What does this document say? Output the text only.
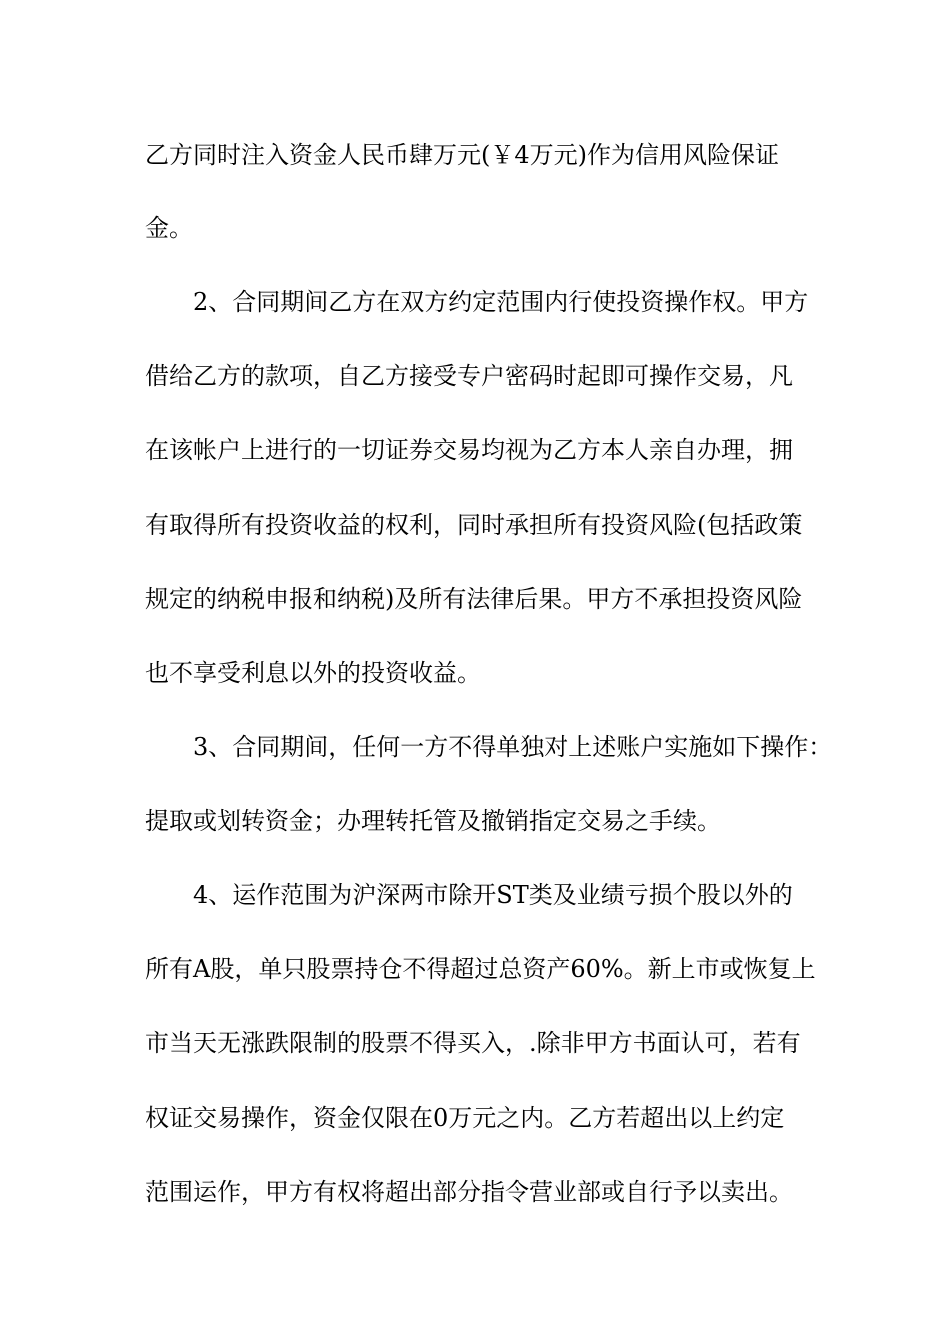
乙方同时注入资金人民币肆万元(￥4万元)作为信用风险保证
金。
2、合同期间乙方在双方约定范围内行使投资操作权。甲方
借给乙方的款项，自乙方接受专户密码时起即可操作交易，凡
在该帐户上进行的一切证券交易均视为乙方本人亲自办理，拥
有取得所有投资收益的权利，同时承担所有投资风险(包括政策
规定的纳税申报和纳税)及所有法律后果。甲方不承担投资风险
也不享受利息以外的投资收益。
3、合同期间，任何一方不得单独对上述账户实施如下操作：
提取或划转资金；办理转托管及撤销指定交易之手续。
4、运作范围为沪深两市除开ST类及业绩亏损个股以外的
所有A股，单只股票持仓不得超过总资产60%。新上市或恢复上
市当天无涨跌限制的股票不得买入，.除非甲方书面认可，若有
权证交易操作，资金仅限在0万元之内。乙方若超出以上约定
范围运作，甲方有权将超出部分指令营业部或自行予以卖出。
